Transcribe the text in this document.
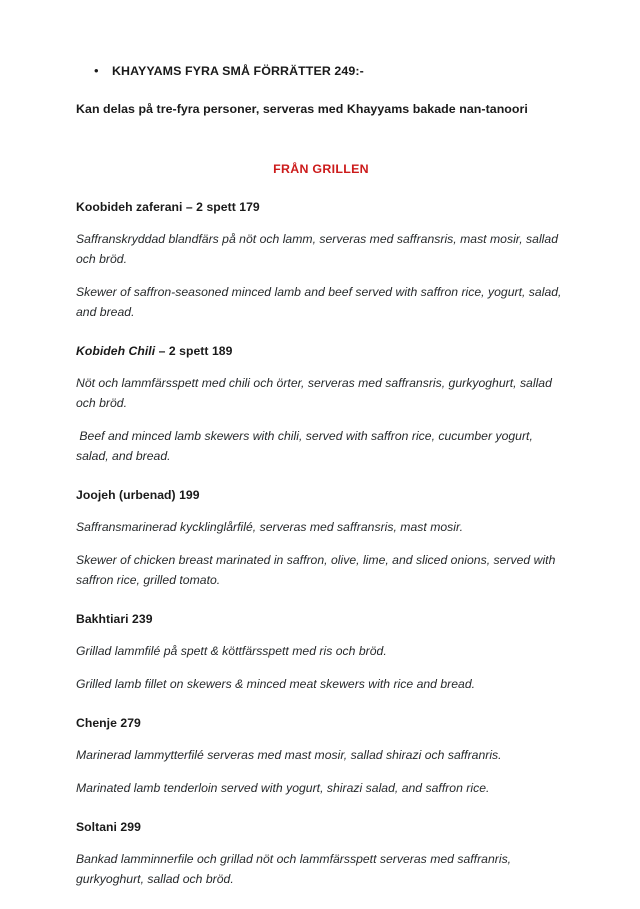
•	KHAYYAMS FYRA SMÅ FÖRRÄTTER 249:-

Kan delas på tre-fyra personer, serveras med Khayyams bakade nan-tanoori

FRÅN GRILLEN

Koobideh zaferani – 2 spett 179

Saffranskryddad blandfärs på nöt och lamm, serveras med saffransris, mast mosir, sallad och bröd.

Skewer of saffron-seasoned minced lamb and beef served with saffron rice, yogurt, salad, and bread.

Kobideh Chili – 2 spett 189

Nöt och lammfärsspett med chili och örter, serveras med saffransris, gurkyoghurt, sallad och bröd.

Beef and minced lamb skewers with chili, served with saffron rice, cucumber yogurt, salad, and bread.

Joojeh (urbenad) 199

Saffransmarinerad kycklinglårfilé, serveras med saffransris, mast mosir.

Skewer of chicken breast marinated in saffron, olive, lime, and sliced onions, served with saffron rice, grilled tomato.

Bakhtiari 239

Grillad lammfilé på spett & köttfärsspett med ris och bröd.

Grilled lamb fillet on skewers & minced meat skewers with rice and bread.

Chenje 279

Marinerad lammytterfilé serveras med mast mosir, sallad shirazi och saffranris.

Marinated lamb tenderloin served with yogurt, shirazi salad, and saffron rice.

Soltani 299

Bankad lamminnerfile och grillad nöt och lammfärsspett serveras med saffranris, gurkyoghurt, sallad och bröd.
